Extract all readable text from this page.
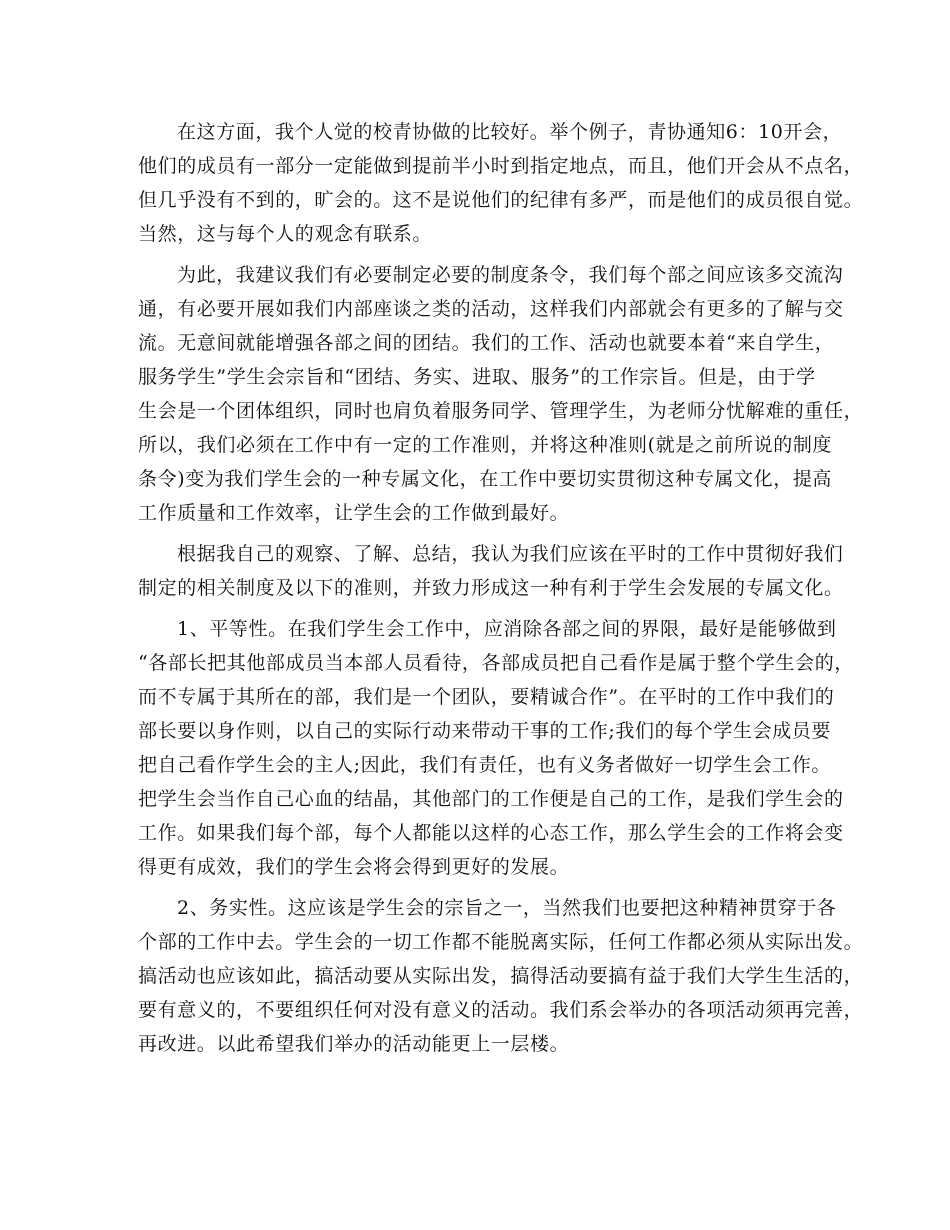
在这方面，我个人觉的校青协做的比较好。举个例子，青协通知6：10开会，
他们的成员有一部分一定能做到提前半小时到指定地点，而且，他们开会从不点名，
但几乎没有不到的，旷会的。这不是说他们的纪律有多严，而是他们的成员很自觉。
当然，这与每个人的观念有联系。
为此，我建议我们有必要制定必要的制度条令，我们每个部之间应该多交流沟
通，有必要开展如我们内部座谈之类的活动，这样我们内部就会有更多的了解与交
流。无意间就能增强各部之间的团结。我们的工作、活动也就要本着“来自学生，
服务学生”学生会宗旨和“团结、务实、进取、服务”的工作宗旨。但是，由于学
生会是一个团体组织，同时也肩负着服务同学、管理学生，为老师分忧解难的重任，
所以，我们必须在工作中有一定的工作准则，并将这种准则(就是之前所说的制度
条令)变为我们学生会的一种专属文化，在工作中要切实贯彻这种专属文化，提高
工作质量和工作效率，让学生会的工作做到最好。
根据我自己的观察、了解、总结，我认为我们应该在平时的工作中贯彻好我们
制定的相关制度及以下的准则，并致力形成这一种有利于学生会发展的专属文化。
1、平等性。在我们学生会工作中，应消除各部之间的界限，最好是能够做到
“各部长把其他部成员当本部人员看待，各部成员把自己看作是属于整个学生会的，
而不专属于其所在的部，我们是一个团队，要精诚合作”。在平时的工作中我们的
部长要以身作则，以自己的实际行动来带动干事的工作;我们的每个学生会成员要
把自己看作学生会的主人;因此，我们有责任，也有义务者做好一切学生会工作。
把学生会当作自己心血的结晶，其他部门的工作便是自己的工作，是我们学生会的
工作。如果我们每个部，每个人都能以这样的心态工作，那么学生会的工作将会变
得更有成效，我们的学生会将会得到更好的发展。
2、务实性。这应该是学生会的宗旨之一，当然我们也要把这种精神贯穿于各
个部的工作中去。学生会的一切工作都不能脱离实际，任何工作都必须从实际出发。
搞活动也应该如此，搞活动要从实际出发，搞得活动要搞有益于我们大学生生活的，
要有意义的，不要组织任何对没有意义的活动。我们系会举办的各项活动须再完善，
再改进。以此希望我们举办的活动能更上一层楼。
